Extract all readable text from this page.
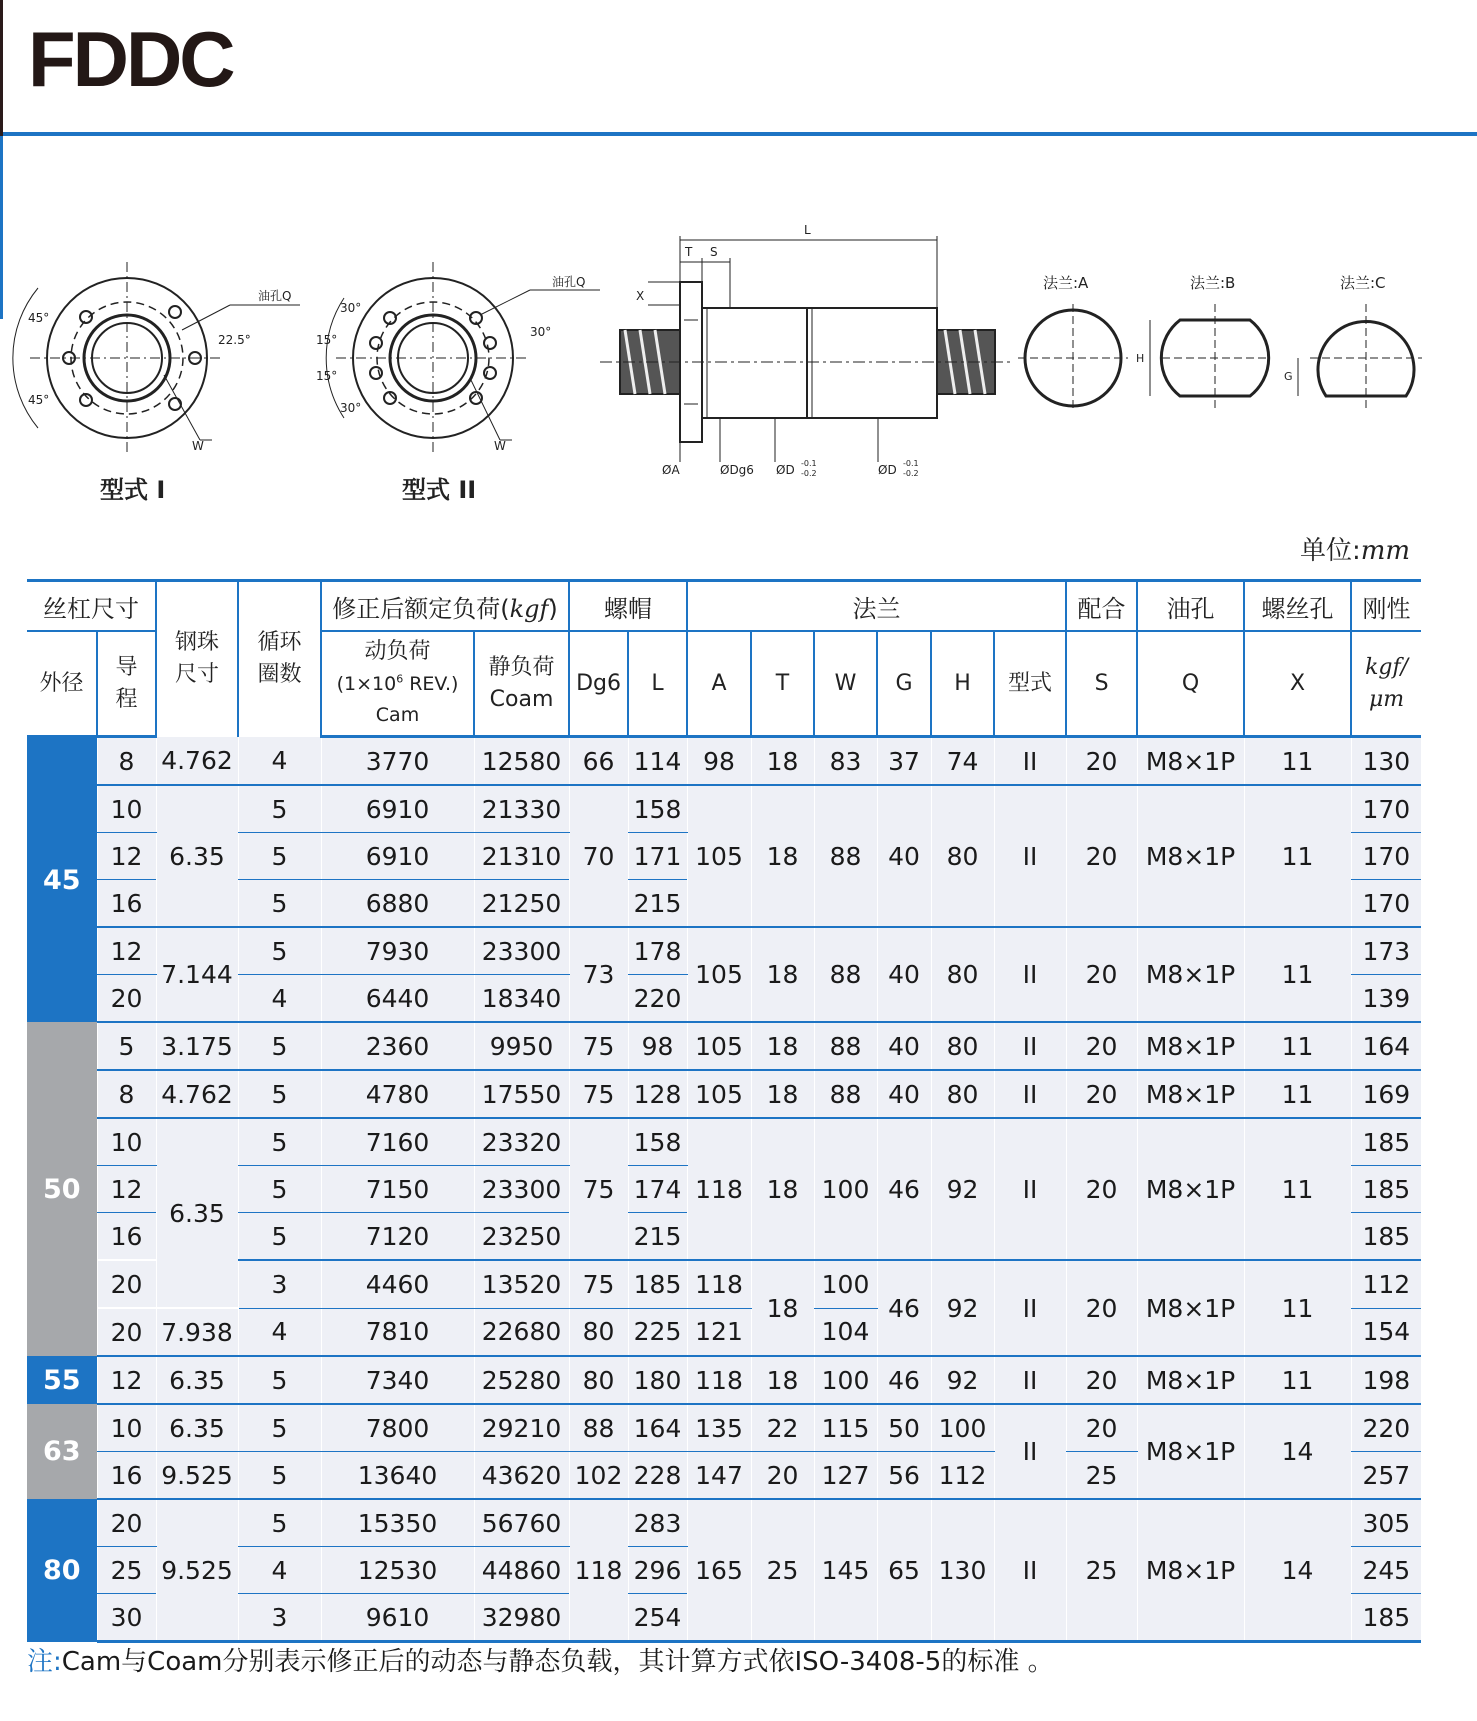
FDDC
油孔Q
45°
22.5°
45°
W
油孔Q
30°
15°
15°
30°
30°
W
L
T S
X
ØA	ØDg6 ØD -0.1
-0.2	ØD -0.1
-0.2
法兰:A	法兰:B	法兰:C
H
G
型式 I	型式 II
单位:mm
丝杠尺寸		钢珠
尺寸	循环
圈数	修正后额定负荷(kgf)		螺帽		法兰						配合	油孔	螺丝孔	刚性
外径	导
程			动负荷
($1\times 10^6$ REV.)
Cam	静负荷
Coam	Dg6	L	A	T	W	G	H	型式	S	Q	X	kgf/
μm
45	8	4.762	4	3770	12580	66	114	98	18	83	37	74	II	20	M8×1P	11	130
	10	6.35	5	6910	21330	70	158	105	18	88	40	80	II	20	M8×1P	11	170
	12		5	6910	21310		171										170
	16		5	6880	21250		215										170
	12	7.144	5	7930	23300	73	178	105	18	88	40	80	II	20	M8×1P	11	173
	20		4	6440	18340		220										139
50	5	3.175	5	2360	9950	75	98	105	18	88	40	80	II	20	M8×1P	11	164
	8	4.762	5	4780	17550	75	128	105	18	88	40	80	II	20	M8×1P	11	169
	10	6.35	5	7160	23320	75	158	118	18	100	46	92	II	20	M8×1P	11	185
	12		5	7150	23300		174										185
	16		5	7120	23250		215										185
	20		3	4460	13520	75	185	118	18	100	46	92	II	20	M8×1P	11	112
	20	7.938	4	7810	22680	80	225	121		104							154
55	12	6.35	5	7340	25280	80	180	118	18	100	46	92	II	20	M8×1P	11	198
63	10	6.35	5	7800	29210	88	164	135	22	115	50	100	II	20	M8×1P	14	220
	16	9.525	5	13640	43620	102	228	147	20	127	56	112		25			257
80	20	9.525	5	15350	56760	118	283	165	25	145	65	130	II	25	M8×1P	14	305
	25		4	12530	44860		296										245
	30		3	9610	32980		254										185
注:Cam与Coam分别表示修正后的动态与静态负载，其计算方式依ISO-3408-5的标准 。
